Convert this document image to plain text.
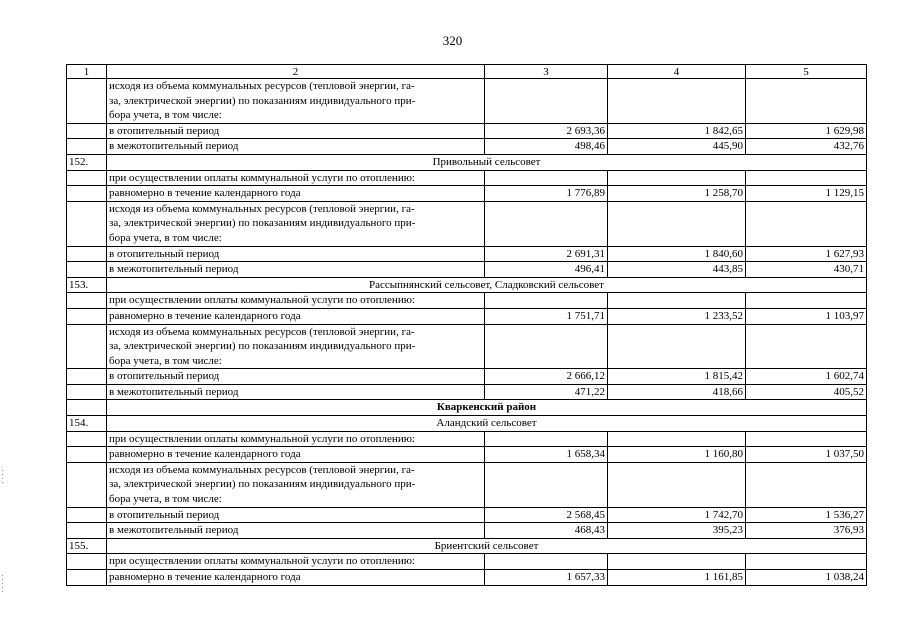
320
1	2	3	4	5

	исходя из объема коммунальных ресурсов (тепловой энергии, га-
за, электрической энергии) по показаниям индивидуального при-
бора учета, в том числе:			

	в отопительный период	2 693,36	1 842,65	1 629,98

	в межотопительный период	498,46	445,90	432,76
152.	Привольный сельсовет			

	при осуществлении оплаты коммунальной услуги по отоплению:			

	равномерно в течение календарного года	1 776,89	1 258,70	1 129,15

	исходя из объема коммунальных ресурсов (тепловой энергии, га-
за, электрической энергии) по показаниям индивидуального при-
бора учета, в том числе:			

	в отопительный период	2 691,31	1 840,60	1 627,93

	в межотопительный период	496,41	443,85	430,71
153.	Рассыпнянский сельсовет, Сладковский сельсовет			

	при осуществлении оплаты коммунальной услуги по отоплению:			

	равномерно в течение календарного года	1 751,71	1 233,52	1 103,97

	исходя из объема коммунальных ресурсов (тепловой энергии, га-
за, электрической энергии) по показаниям индивидуального при-
бора учета, в том числе:			

	в отопительный период	2 666,12	1 815,42	1 602,74

	в межотопительный период	471,22	418,66	405,52
	Кваркенский район			
154.	Аландский сельсовет			

	при осуществлении оплаты коммунальной услуги по отоплению:			

	равномерно в течение календарного года	1 658,34	1 160,80	1 037,50

	исходя из объема коммунальных ресурсов (тепловой энергии, га-
за, электрической энергии) по показаниям индивидуального при-
бора учета, в том числе:			

	в отопительный период	2 568,45	1 742,70	1 536,27

	в межотопительный период	468,43	395,23	376,93
155.	Бриентский сельсовет			

	при осуществлении оплаты коммунальной услуги по отоплению:			

	равномерно в течение календарного года	1 657,33	1 161,85	1 038,24
